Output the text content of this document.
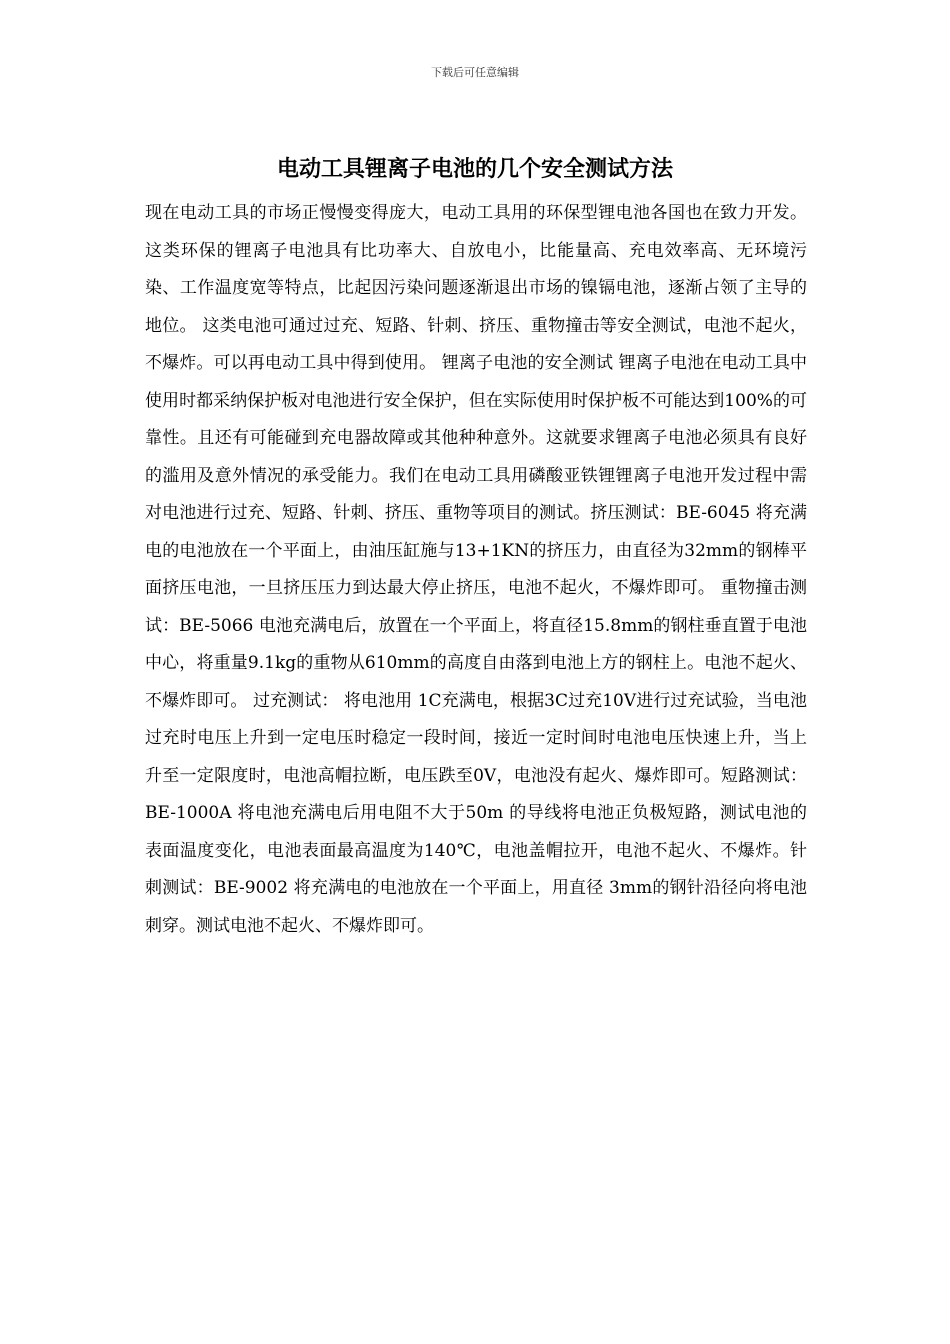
下载后可任意编辑
电动工具锂离子电池的几个安全测试方法

现在电动工具的市场正慢慢变得庞大，电动工具用的环保型锂电池各国也在致力开发。这类环保的锂离子电池具有比功率大、自放电小，比能量高、充电效率高、无环境污染、工作温度宽等特点，比起因污染问题逐渐退出市场的镍镉电池，逐渐占领了主导的地位。 这类电池可通过过充、短路、针刺、挤压、重物撞击等安全测试，电池不起火，不爆炸。可以再电动工具中得到使用。 锂离子电池的安全测试 锂离子电池在电动工具中使用时都采纳保护板对电池进行安全保护，但在实际使用时保护板不可能达到100%的可靠性。且还有可能碰到充电器故障或其他种种意外。这就要求锂离子电池必须具有良好的滥用及意外情况的承受能力。我们在电动工具用磷酸亚铁锂锂离子电池开发过程中需对电池进行过充、短路、针刺、挤压、重物等项目的测试。挤压测试：BE-6045 将充满电的电池放在一个平面上，由油压缸施与13+1KN的挤压力，由直径为32mm的钢棒平面挤压电池，一旦挤压压力到达最大停止挤压，电池不起火，不爆炸即可。 重物撞击测试：BE-5066 电池充满电后，放置在一个平面上，将直径15.8mm的钢柱垂直置于电池中心，将重量9.1kg的重物从610mm的高度自由落到电池上方的钢柱上。电池不起火、不爆炸即可。 过充测试： 将电池用 1C充满电，根据3C过充10V进行过充试验，当电池过充时电压上升到一定电压时稳定一段时间，接近一定时间时电池电压快速上升，当上升至一定限度时，电池高帽拉断，电压跌至0V，电池没有起火、爆炸即可。短路测试：BE-1000A 将电池充满电后用电阻不大于50m 的导线将电池正负极短路，测试电池的表面温度变化，电池表面最高温度为140℃，电池盖帽拉开，电池不起火、不爆炸。针刺测试：BE-9002 将充满电的电池放在一个平面上，用直径 3mm的钢针沿径向将电池刺穿。测试电池不起火、不爆炸即可。
